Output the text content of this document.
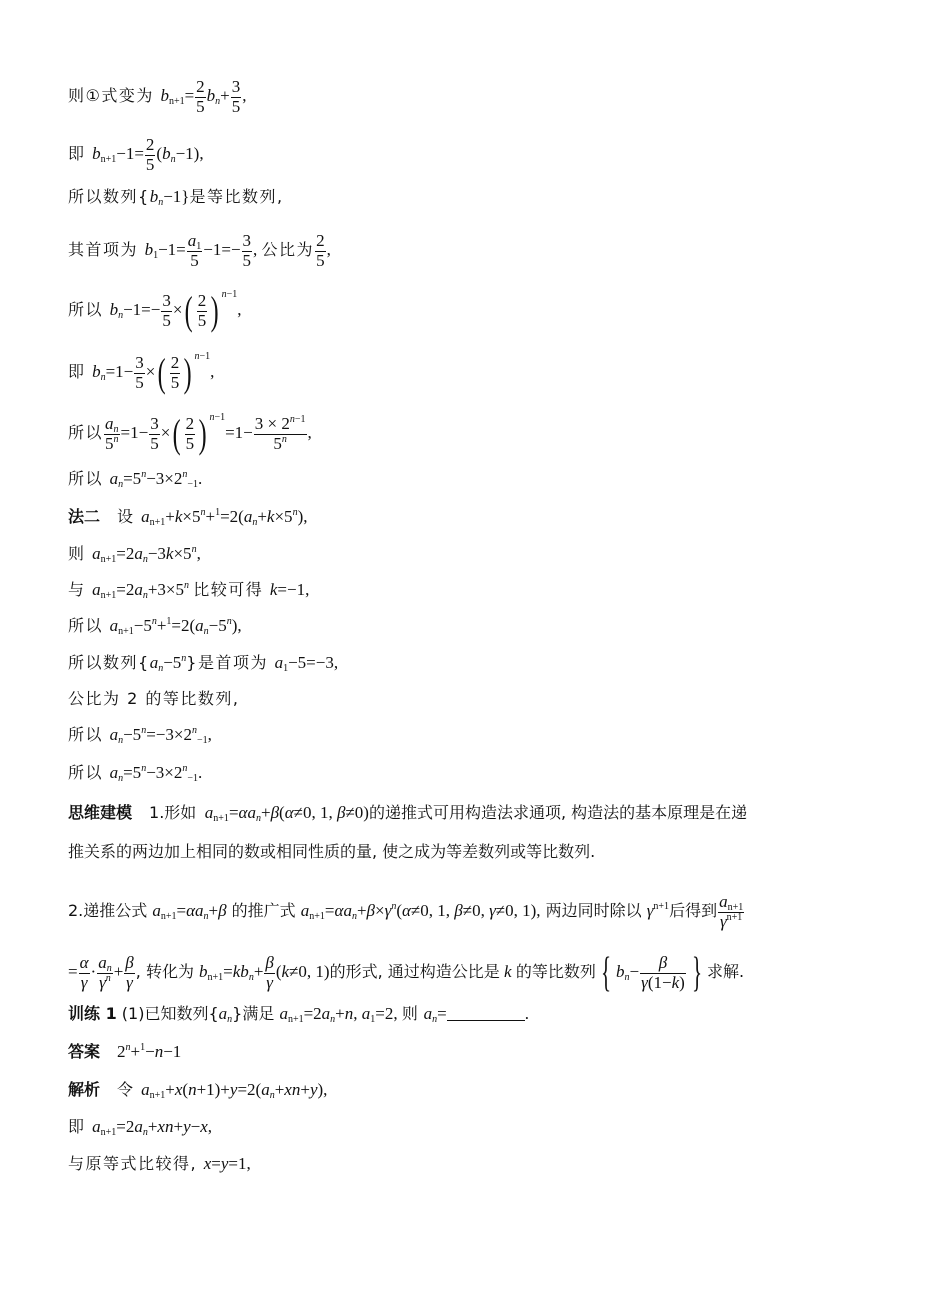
则①式变为 $b_{n+1}= \frac{2}{5} b_n+ \frac{3}{5}$ ,
即 $b_{n+1}-1= \frac{2}{5} (b_n-1)$,
所以数列$\{b_n-1\}$是等比数列,
其首项为 $b_1-1= \frac{a_1}{5} -1=- \frac{3}{5}$ , 公比为 $\frac{2}{5}$ ,
所以 $b_n-1=- \frac{3}{5}$ ×( $\frac{2}{5}$ ) $^{n-1}$,
即 $b_n=1- \frac{3}{5}$ ×( $\frac{2}{5}$ ) $^{n-1}$,
所以 $\frac{a_n}{5^n} =1- \frac{3}{5}$ ×( $\frac{2}{5}$ ) $^{n-1}=1- \frac{3 \times 2^{n-1}}{5^n}$ ,
所以 $a_n=5^n-3\times 2^n_{-1}$.
法二 设 $a_{n+1}+k\times 5^n+^1=2(a_n+k\times 5^n)$,
则 $a_{n+1}=2a_n-3k\times 5^n$,
与 $a_{n+1}=2a_n+3\times 5^n$ 比较可得 k=−1,
所以 $a_{n+1}-5^n+^1=2(a_n-5^n)$,
所以数列$\{a_n-5^n\}$是首项为 $a_1-5=-3$,
公比为 2 的等比数列,
所以 $a_n-5^n=-3\times 2^n_{-1}$,
所以 $a_n=5^n-3\times 2^n_{-1}$.
思维建模 1.形如 $a_{n+1}=\alpha a_n+\beta(\alpha\ne 0$, 1, β≠0)的递推式可用构造法求通项, 构造法的基本原理是在递
推关系的两边加上相同的数或相同性质的量, 使之成为等差数列或等比数列.
2.递推公式 $a_{n+1}=\alpha a_n+\beta$ 的推广式 $a_{n+1}=\alpha a_n+\beta\times\gamma^n(\alpha\ne 0$, 1, β≠0, γ≠0, 1), 两边同时除以 $\gamma^{n+1}$后得到 $\frac{a_{n+1}}{\gamma^{n+1}}$
= $\frac{\alpha}{\gamma} \cdot \frac{a_n}{\gamma^n} + \frac{\beta}{\gamma}$ , 转化为 $b_{n+1}=kb_n+ \frac{\beta}{\gamma} (k\ne 0$, 1)的形式, 通过构造公比是 k 的等比数列 { $b_n- \frac{\beta}{\gamma(1-k)}$ } 求解.
训练 1 (1)已知数列$\{a_n\}$满足 $a_{n+1}=2a_n+n$, $a_1=2$, 则 $a_n=$	.
答案    $2^n+^1-n-1$
解析 令 $a_{n+1}+x(n+1)+y=2(a_n+xn+y)$,
即 $a_{n+1}=2a_n+xn+y-x$,
与原等式比较得, x=y=1,
